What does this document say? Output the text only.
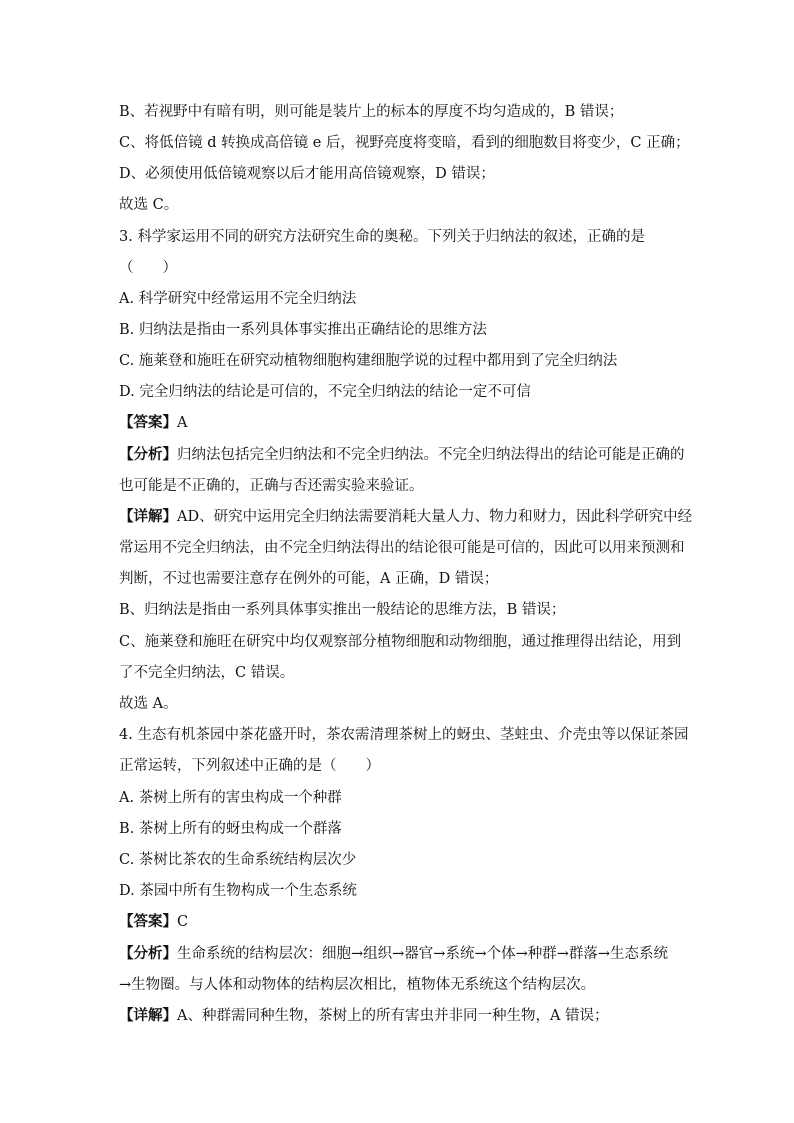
B、若视野中有暗有明，则可能是装片上的标本的厚度不均匀造成的，B 错误；
C、将低倍镜 d 转换成高倍镜 e 后，视野亮度将变暗，看到的细胞数目将变少，C 正确；
D、必须使用低倍镜观察以后才能用高倍镜观察，D 错误；
故选 C。
3. 科学家运用不同的研究方法研究生命的奥秘。下列关于归纳法的叙述，正确的是
（　　）
A. 科学研究中经常运用不完全归纳法
B. 归纳法是指由一系列具体事实推出正确结论的思维方法
C. 施莱登和施旺在研究动植物细胞构建细胞学说的过程中都用到了完全归纳法
D. 完全归纳法的结论是可信的，不完全归纳法的结论一定不可信
【答案】A
【分析】归纳法包括完全归纳法和不完全归纳法。不完全归纳法得出的结论可能是正确的
也可能是不正确的，正确与否还需实验来验证。
【详解】AD、研究中运用完全归纳法需要消耗大量人力、物力和财力，因此科学研究中经
常运用不完全归纳法，由不完全归纳法得出的结论很可能是可信的，因此可以用来预测和
判断，不过也需要注意存在例外的可能，A 正确，D 错误；
B、归纳法是指由一系列具体事实推出一般结论的思维方法，B 错误；
C、施莱登和施旺在研究中均仅观察部分植物细胞和动物细胞，通过推理得出结论，用到
了不完全归纳法，C 错误。
故选 A。
4. 生态有机茶园中茶花盛开时，茶农需清理茶树上的蚜虫、茎蛀虫、介壳虫等以保证茶园
正常运转，下列叙述中正确的是（　　）
A. 茶树上所有的害虫构成一个种群
B. 茶树上所有的蚜虫构成一个群落
C. 茶树比茶农的生命系统结构层次少
D. 茶园中所有生物构成一个生态系统
【答案】C
【分析】生命系统的结构层次：细胞→组织→器官→系统→个体→种群→群落→生态系统
→生物圈。与人体和动物体的结构层次相比，植物体无系统这个结构层次。
【详解】A、种群需同种生物，茶树上的所有害虫并非同一种生物，A 错误；
